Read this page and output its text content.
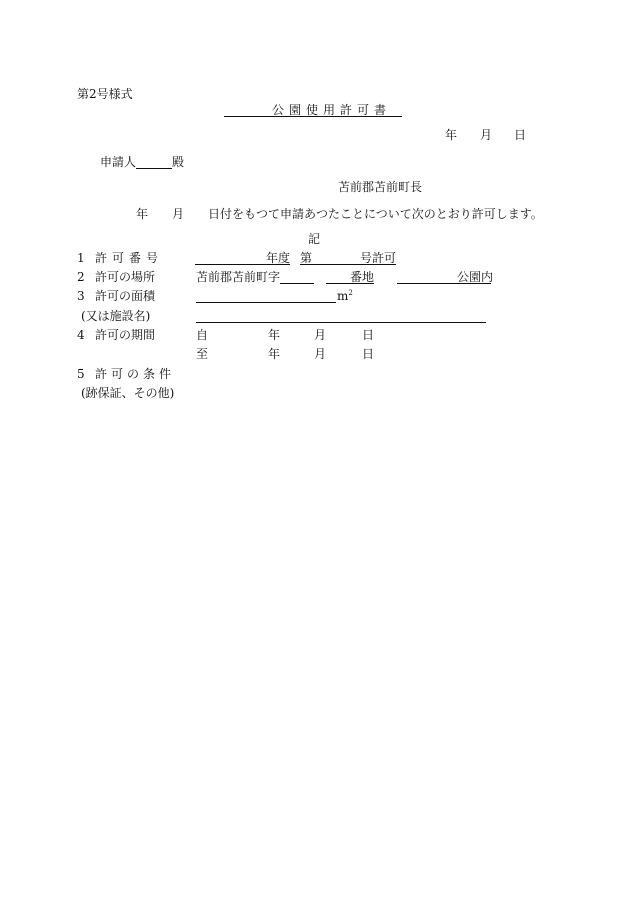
第2号様式
公園使用許可書
年 月 日
申請人	殿
苫前郡苫前町長
年 月 日付をもつて申請あつたことについて次のとおり許可します。
記
1 許可番号	年度 第	号許可
2 許可の場所	苫前郡苫前町字	番地	公園内
3 許可の面積	$m^2$
(又は施設名)
4 許可の期間	自	年	月	日
至	年	月	日
5 許可の条件
(跡保証、その他)
